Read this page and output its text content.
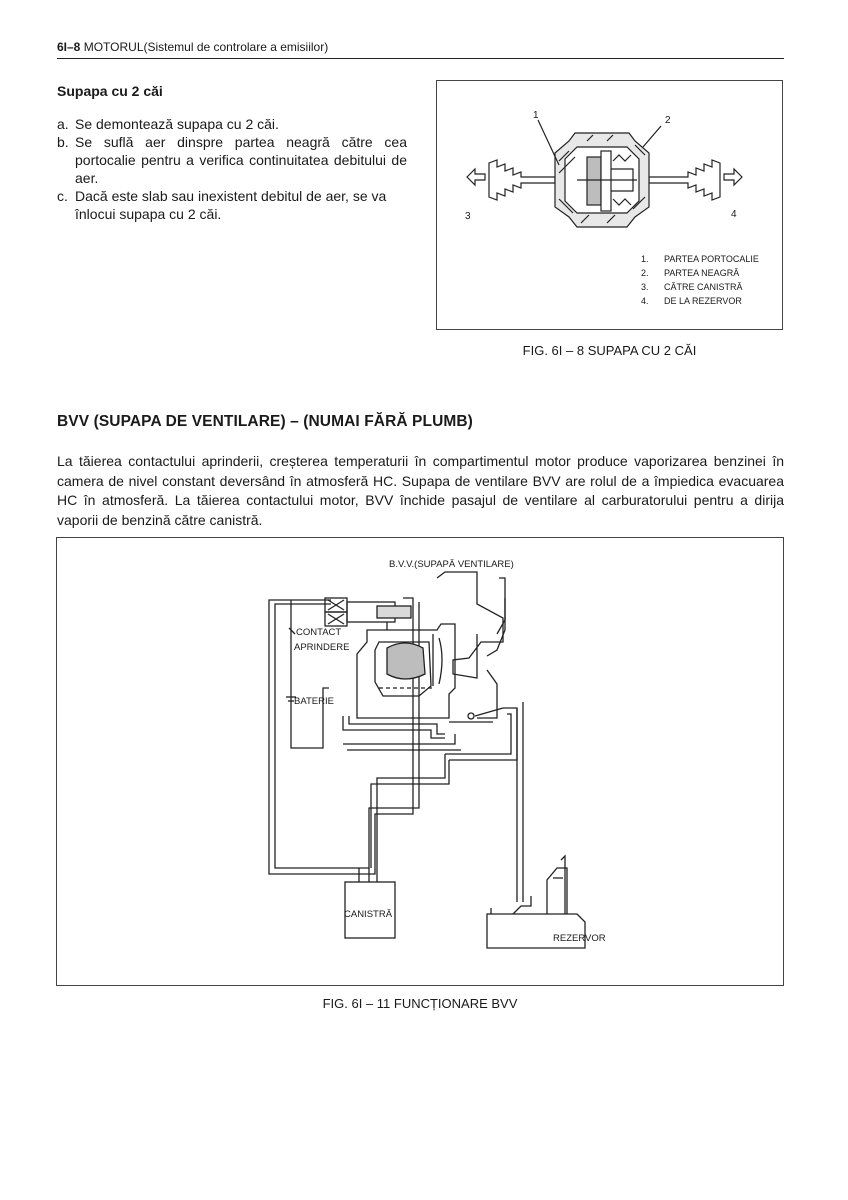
6I–8 MOTORUL(Sistemul de controlare a emisiilor)
Supapa cu 2 căi
a. Se demontează supapa cu 2 căi.
b. Se suflă aer dinspre partea neagră către cea portocalie pentru a verifica continuitatea debitului de aer.
c. Dacă este slab sau inexistent debitul de aer, se va înlocui supapa cu 2 căi.
1	2
3	4
1. PARTEA PORTOCALIE
2. PARTEA NEAGRĂ
3. CĂTRE CANISTRĂ
4. DE LA REZERVOR
FIG. 6I – 8 SUPAPA CU 2 CĂI
BVV (SUPAPA DE VENTILARE) – (NUMAI FĂRĂ PLUMB)
La tăierea contactului aprinderii, creșterea temperaturii în compartimentul motor produce vaporizarea benzinei în camera de nivel constant deversând în atmosferă HC. Supapa de ventilare BVV are rolul de a împiedica evacuarea HC în atmosferă. La tăierea contactului motor, BVV închide pasajul de ventilare al carburatorului pentru a dirija vaporii de benzină către canistră.
B.V.V.(SUPAPĂ VENTILARE)
CONTACT
APRINDERE
BATERIE
CANISTRĂ
REZERVOR
FIG. 6I – 11 FUNCȚIONARE BVV
